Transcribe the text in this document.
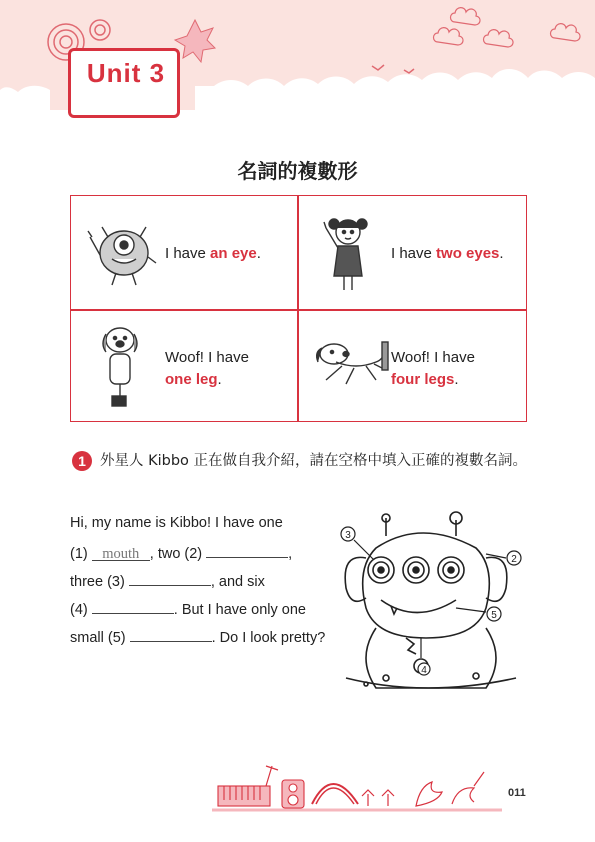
Unit 3
名詞的複數形
I have an eye.	I have two eyes.
Woof! I have
one leg.
Woof! I have
four legs.
1 外星人 Kibbo 正在做自我介紹，請在空格中填入正確的複數名詞。
Hi, my name is Kibbo! I have one
(1) mouth , two (2)	,
three (3)	, and six
(4)	. But I have only one
small (5)	. Do I look pretty?
3
2
5
4
011
